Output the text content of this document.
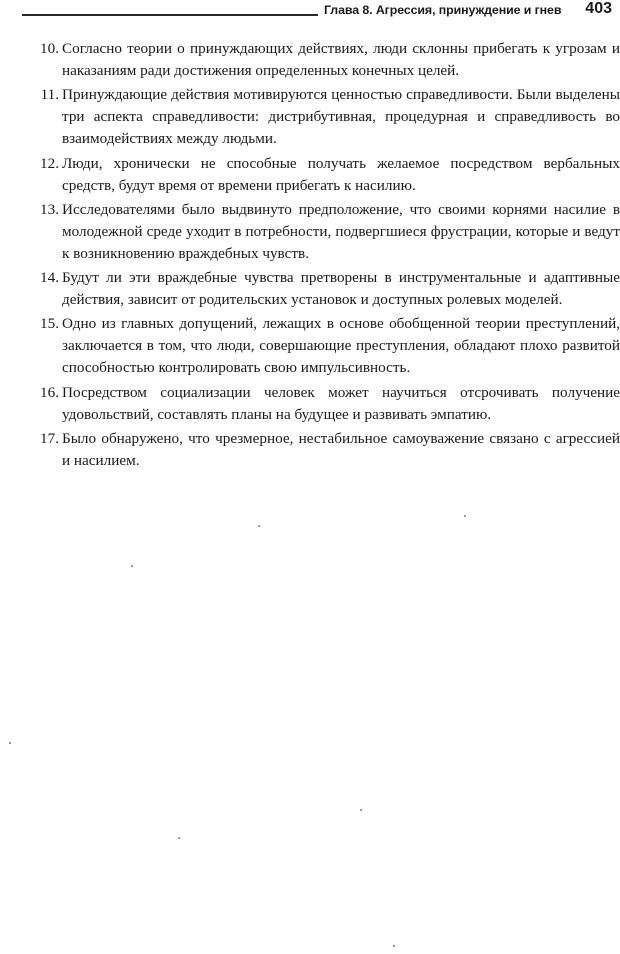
Глава 8. Агрессия, принуждение и гнев	403
10. Согласно теории о принуждающих действиях, люди склонны прибегать к угрозам и наказаниям ради достижения определенных конечных целей.
11. Принуждающие действия мотивируются ценностью справедливости. Были выделены три аспекта справедливости: дистрибутивная, процедурная и справедливость во взаимодействиях между людьми.
12. Люди, хронически не способные получать желаемое посредством вербальных средств, будут время от времени прибегать к насилию.
13. Исследователями было выдвинуто предположение, что своими корнями насилие в молодежной среде уходит в потребности, подвергшиеся фрустрации, которые и ведут к возникновению враждебных чувств.
14. Будут ли эти враждебные чувства претворены в инструментальные и адаптивные действия, зависит от родительских установок и доступных ролевых моделей.
15. Одно из главных допущений, лежащих в основе обобщенной теории преступлений, заключается в том, что люди, совершающие преступления, обладают плохо развитой способностью контролировать свою импульсивность.
16. Посредством социализации человек может научиться отсрочивать получение удовольствий, составлять планы на будущее и развивать эмпатию.
17. Было обнаружено, что чрезмерное, нестабильное самоуважение связано с агрессией и насилием.
